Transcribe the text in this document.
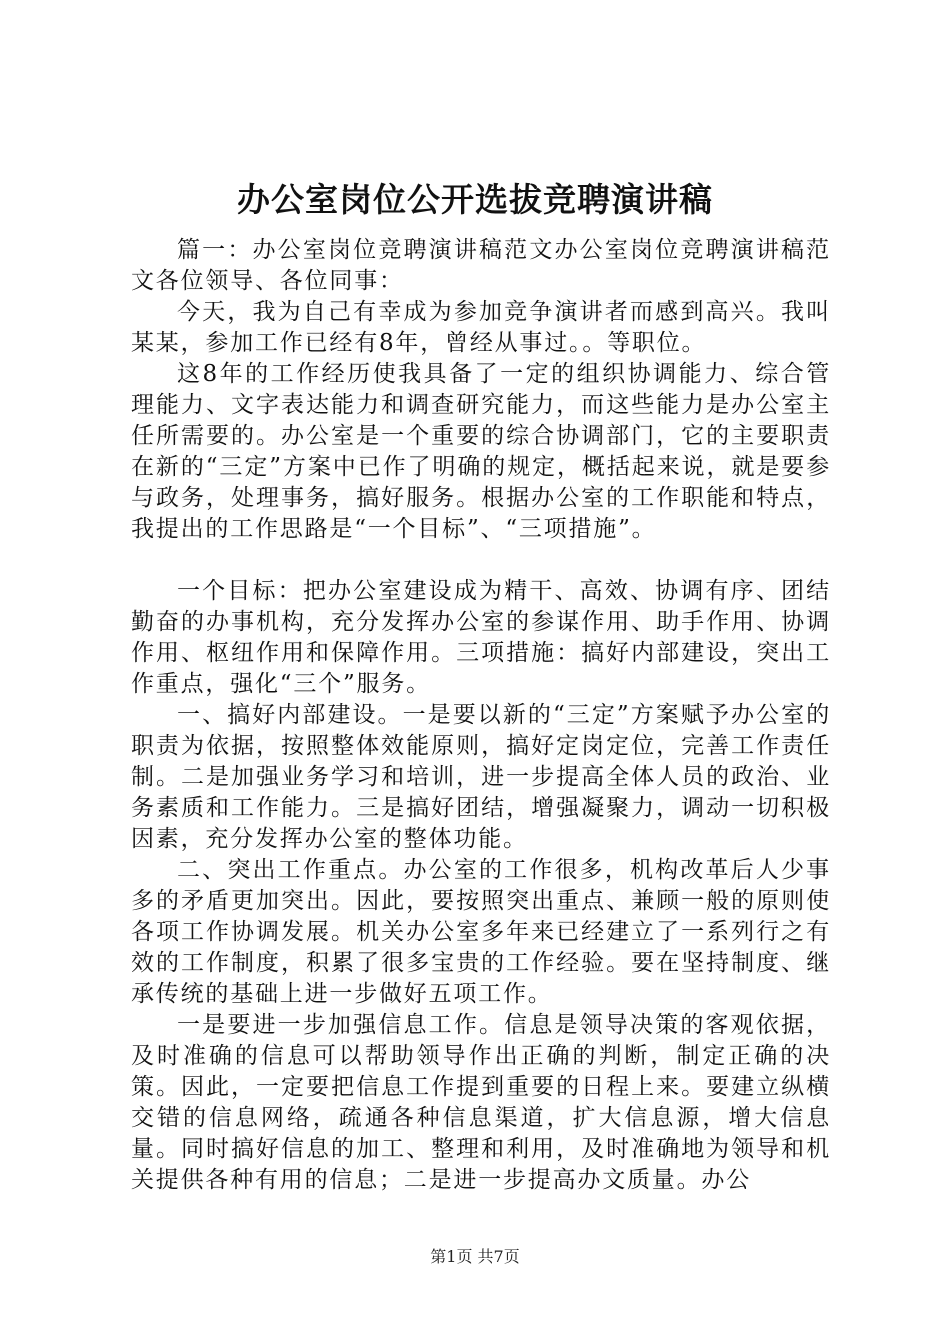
办公室岗位公开选拔竞聘演讲稿

篇一：办公室岗位竞聘演讲稿范文办公室岗位竞聘演讲稿范文各位领导、各位同事：

今天，我为自己有幸成为参加竞争演讲者而感到高兴。我叫某某，参加工作已经有8年，曾经从事过。。等职位。

这8年的工作经历使我具备了一定的组织协调能力、综合管理能力、文字表达能力和调查研究能力，而这些能力是办公室主任所需要的。办公室是一个重要的综合协调部门，它的主要职责在新的“三定”方案中已作了明确的规定，概括起来说，就是要参与政务，处理事务，搞好服务。根据办公室的工作职能和特点，我提出的工作思路是“一个目标”、“三项措施”。

一个目标：把办公室建设成为精干、高效、协调有序、团结勤奋的办事机构，充分发挥办公室的参谋作用、助手作用、协调作用、枢纽作用和保障作用。三项措施：搞好内部建设，突出工作重点，强化“三个”服务。

一、搞好内部建设。一是要以新的“三定”方案赋予办公室的职责为依据，按照整体效能原则，搞好定岗定位，完善工作责任制。二是加强业务学习和培训，进一步提高全体人员的政治、业务素质和工作能力。三是搞好团结，增强凝聚力，调动一切积极因素，充分发挥办公室的整体功能。

二、突出工作重点。办公室的工作很多，机构改革后人少事多的矛盾更加突出。因此，要按照突出重点、兼顾一般的原则使各项工作协调发展。机关办公室多年来已经建立了一系列行之有效的工作制度，积累了很多宝贵的工作经验。要在坚持制度、继承传统的基础上进一步做好五项工作。

一是要进一步加强信息工作。信息是领导决策的客观依据，及时准确的信息可以帮助领导作出正确的判断，制定正确的决策。因此，一定要把信息工作提到重要的日程上来。要建立纵横交错的信息网络，疏通各种信息渠道，扩大信息源，增大信息量。同时搞好信息的加工、整理和利用，及时准确地为领导和机关提供各种有用的信息；二是进一步提高办文质量。办公

第1页 共7页
